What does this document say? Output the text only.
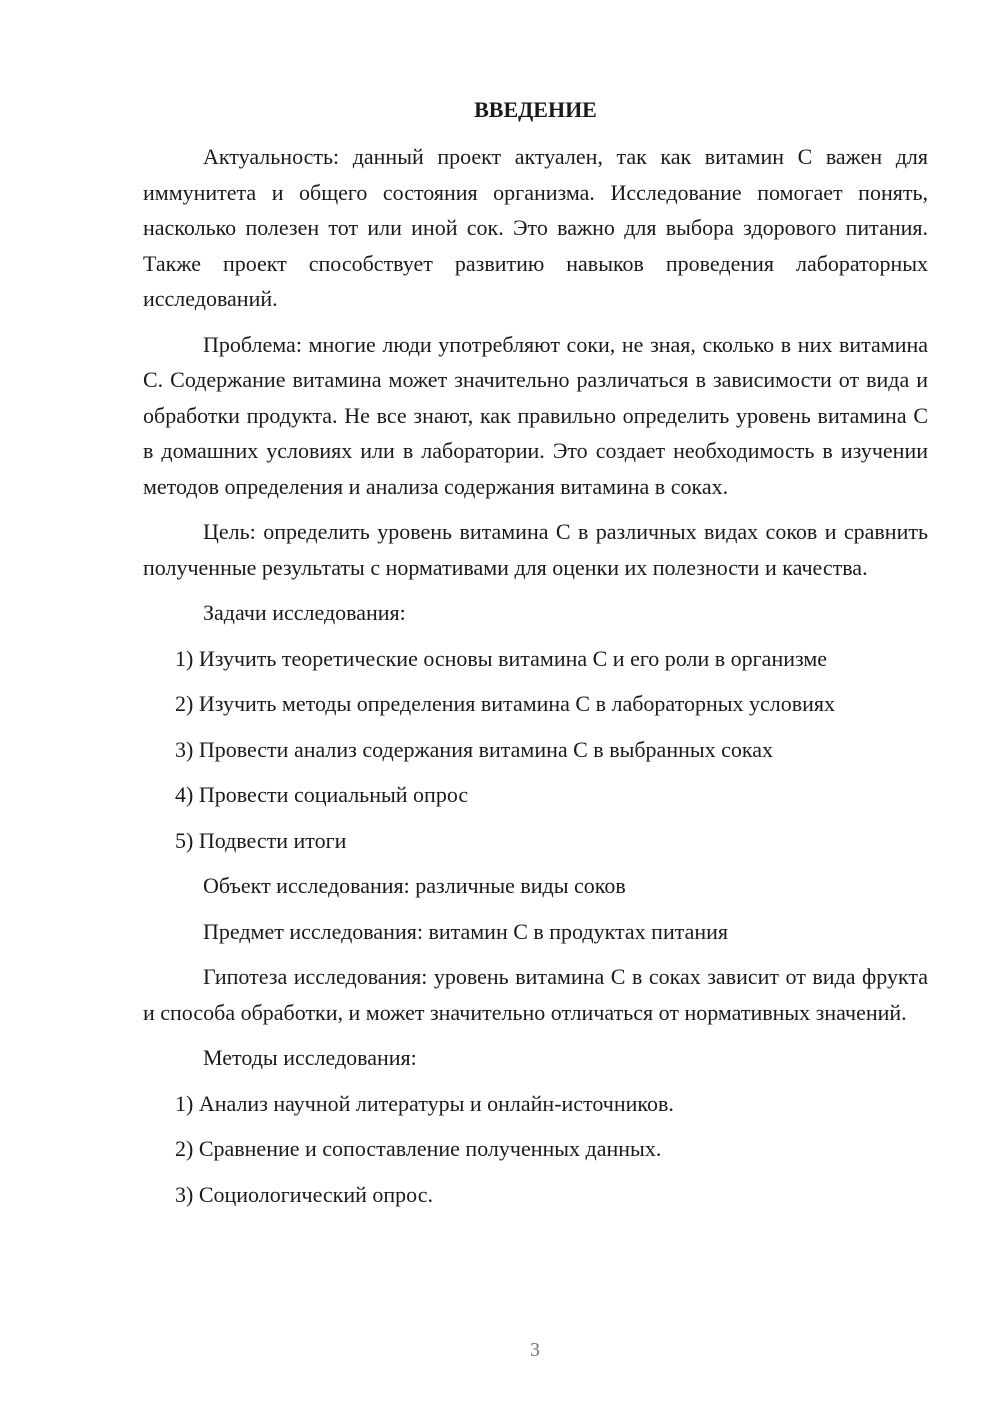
ВВЕДЕНИЕ

Актуальность: данный проект актуален, так как витамин С важен для иммунитета и общего состояния организма. Исследование помогает понять, насколько полезен тот или иной сок. Это важно для выбора здорового питания. Также проект способствует развитию навыков проведения лабораторных исследований.

Проблема: многие люди употребляют соки, не зная, сколько в них витамина С. Содержание витамина может значительно различаться в зависимости от вида и обработки продукта. Не все знают, как правильно определить уровень витамина С в домашних условиях или в лаборатории. Это создает необходимость в изучении методов определения и анализа содержания витамина в соках.

Цель: определить уровень витамина С в различных видах соков и сравнить полученные результаты с нормативами для оценки их полезности и качества.

Задачи исследования:

1) Изучить теоретические основы витамина С и его роли в организме
2) Изучить методы определения витамина С в лабораторных условиях
3) Провести анализ содержания витамина С в выбранных соках
4) Провести социальный опрос
5) Подвести итоги

Объект исследования: различные виды соков

Предмет исследования: витамин С в продуктах питания

Гипотеза исследования: уровень витамина С в соках зависит от вида фрукта и способа обработки, и может значительно отличаться от нормативных значений.

Методы исследования:

1) Анализ научной литературы и онлайн-источников.
2) Сравнение и сопоставление полученных данных.
3) Социологический опрос.
3
